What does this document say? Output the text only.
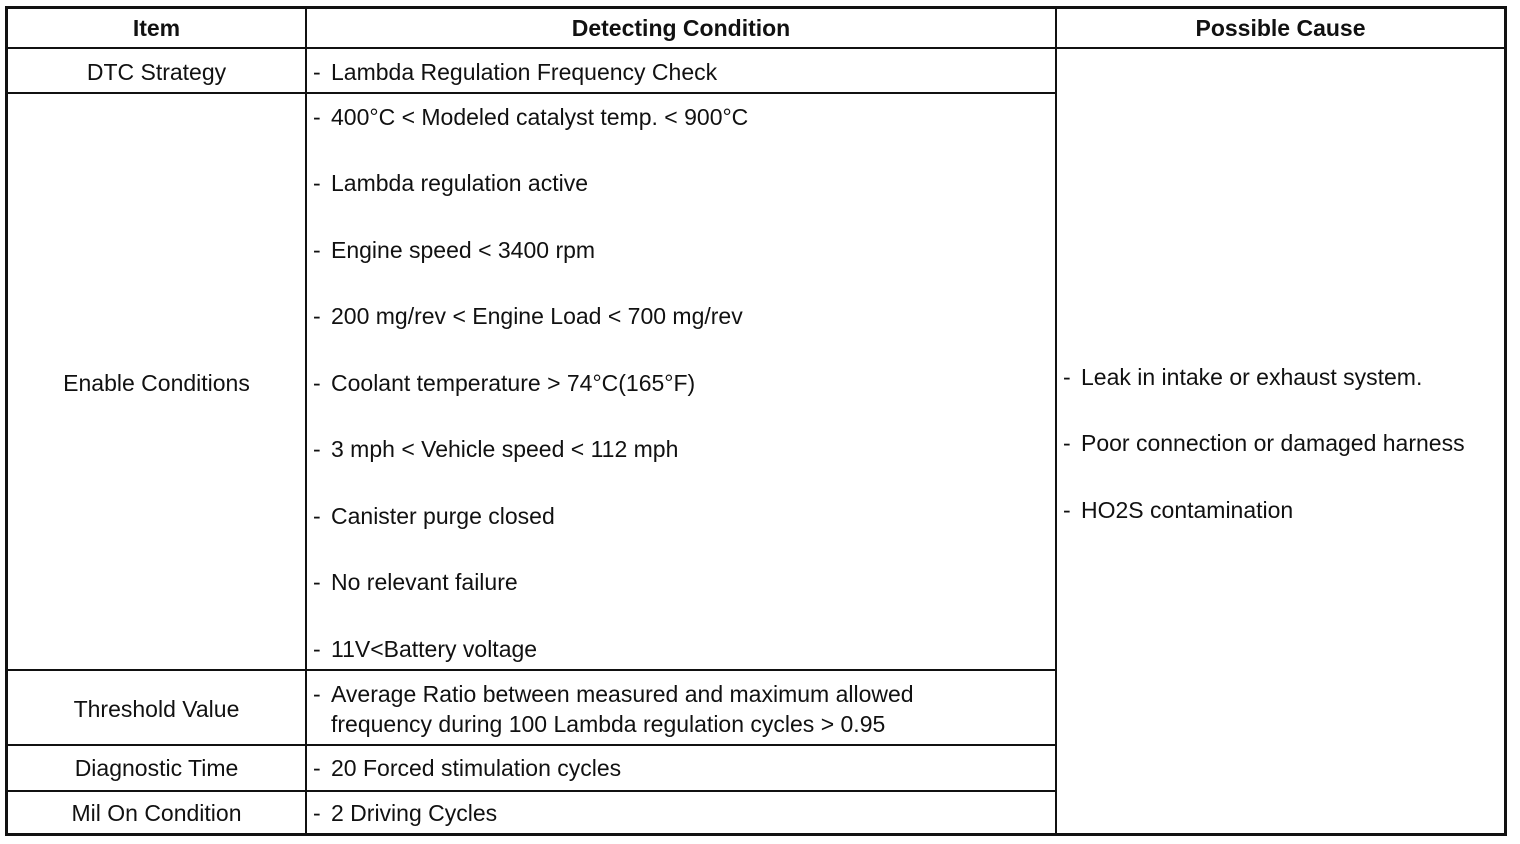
Item	Detecting Condition	Possible Cause
DTC Strategy
Enable Conditions
Threshold Value
Diagnostic Time
Mil On Condition
- Lambda Regulation Frequency Check
- 400°C < Modeled catalyst temp. < 900°C
- Lambda regulation active
- Engine speed < 3400 rpm
- 200 mg/rev < Engine Load < 700 mg/rev
- Coolant temperature > 74°C(165°F)
- 3 mph < Vehicle speed < 112 mph
- Canister purge closed
- No relevant failure
- 11V<Battery voltage
- Average Ratio between measured and maximum allowed
frequency during 100 Lambda regulation cycles > 0.95
- 20 Forced stimulation cycles
- 2 Driving Cycles
- Leak in intake or exhaust system.
- Poor connection or damaged harness
- HO2S contamination
